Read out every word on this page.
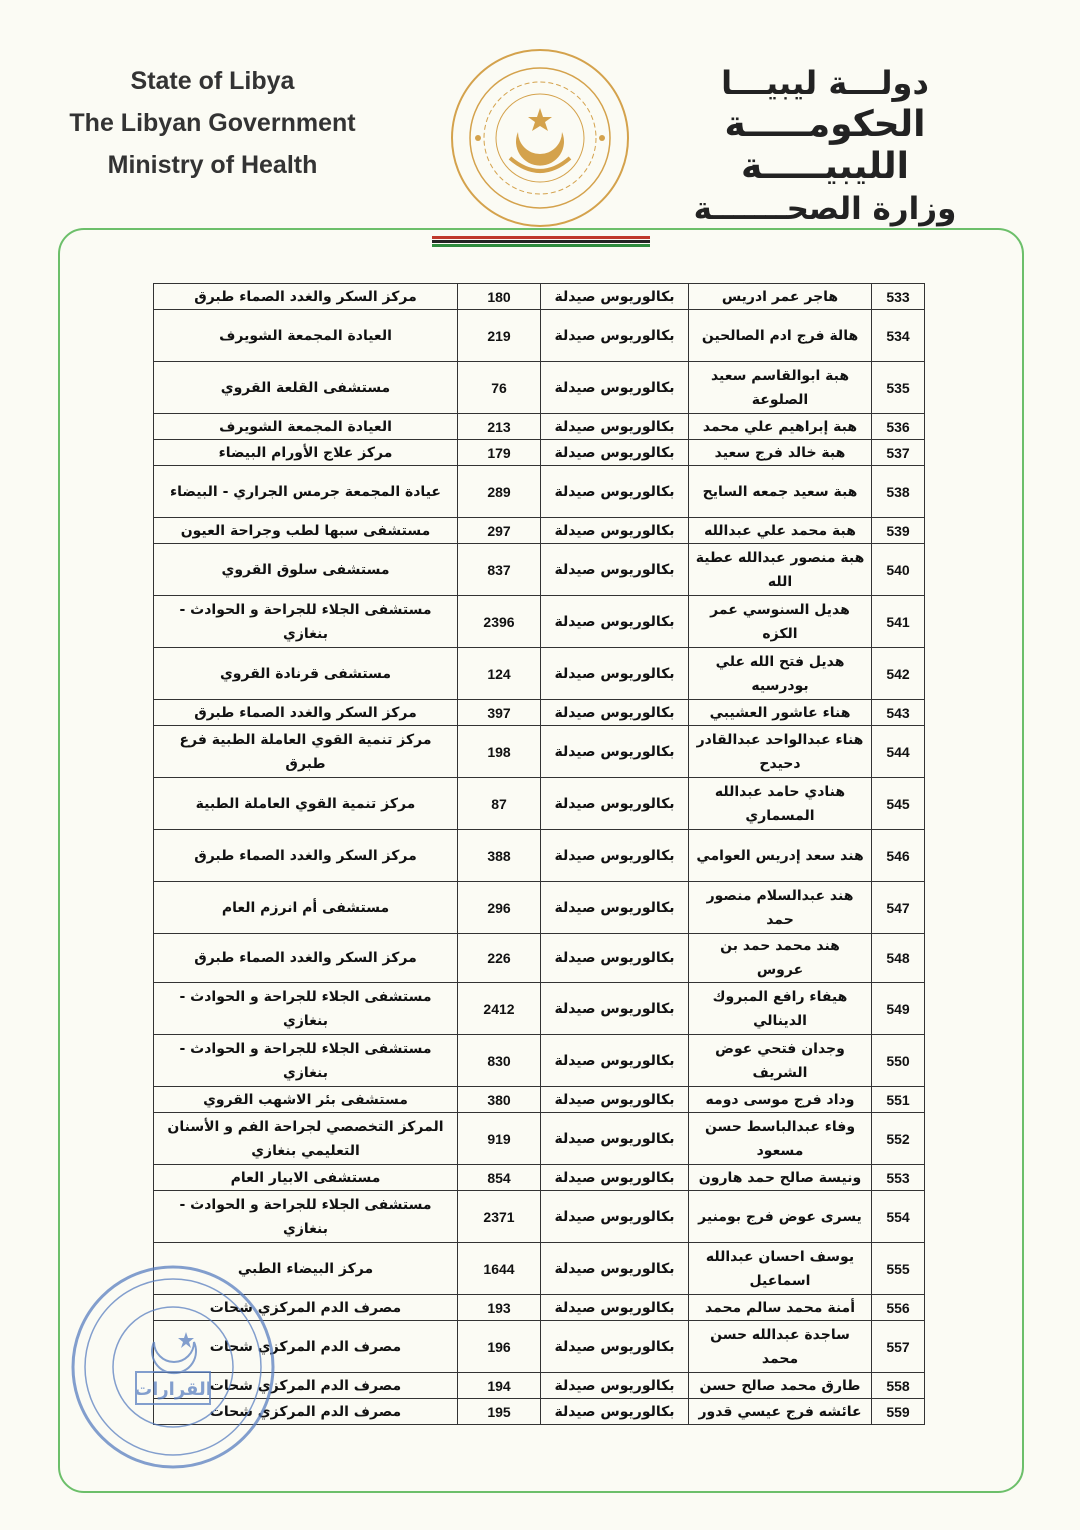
State of Libya
The Libyan Government
Ministry of Health
دولـــة ليبيـــا
الحكومـــــة الليبيـــــة
وزارة الصحـــــــة
533	هاجر عمر ادريس	بكالوريوس صيدلة	180	مركز السكر والغدد الصماء طبرق
534	هالة فرج ادم الصالحين	بكالوريوس صيدلة	219	العيادة المجمعة الشويرف
535	هبة ابوالقاسم سعيد الصلوعة	بكالوريوس صيدلة	76	مستشفى القلعة القروي
536	هبة إبراهيم علي محمد	بكالوريوس صيدلة	213	العيادة المجمعة الشويرف
537	هبة خالد فرج سعيد	بكالوريوس صيدلة	179	مركز علاج الأورام البيضاء
538	هبة سعيد جمعه السايح	بكالوريوس صيدلة	289	عيادة المجمعة جرمس الجراري - البيضاء
539	هبة محمد علي عبدالله	بكالوريوس صيدلة	297	مستشفى سبها لطب وجراحة العيون
540	هبة منصور عبدالله عطية الله	بكالوريوس صيدلة	837	مستشفى سلوق القروي
541	هديل السنوسي عمر الكزه	بكالوريوس صيدلة	2396	مستشفى الجلاء للجراحة و الحوادث - بنغازي
542	هديل فتح الله علي بودرسيه	بكالوريوس صيدلة	124	مستشفى قرنادة القروي
543	هناء عاشور العشيبي	بكالوريوس صيدلة	397	مركز السكر والغدد الصماء طبرق
544	هناء عبدالواحد عبدالقادر دحيدح	بكالوريوس صيدلة	198	مركز تنمية القوي العاملة الطبية فرع طبرق
545	هنادي حامد عبدالله المسماري	بكالوريوس صيدلة	87	مركز تنمية القوي العاملة الطبية
546	هند سعد إدريس العوامي	بكالوريوس صيدلة	388	مركز السكر والغدد الصماء طبرق
547	هند عبدالسلام منصور حمد	بكالوريوس صيدلة	296	مستشفى أم انرزم العام
548	هند محمد حمد بن عروس	بكالوريوس صيدلة	226	مركز السكر والغدد الصماء طبرق
549	هيفاء رافع المبروك الدينالي	بكالوريوس صيدلة	2412	مستشفى الجلاء للجراحة و الحوادث - بنغازي
550	وجدان فتحي عوض الشريف	بكالوريوس صيدلة	830	مستشفى الجلاء للجراحة و الحوادث - بنغازي
551	وداد فرج موسى دومه	بكالوريوس صيدلة	380	مستشفى بئر الاشهب القروي
552	وفاء عبدالباسط حسن مسعود	بكالوريوس صيدلة	919	المركز التخصصي لجراحة الفم و الأسنان التعليمي بنغازي
553	ونيسة صالح حمد هارون	بكالوريوس صيدلة	854	مستشفى الابيار العام
554	يسرى عوض فرج بومنير	بكالوريوس صيدلة	2371	مستشفى الجلاء للجراحة و الحوادث - بنغازي
555	يوسف احسان عبدالله اسماعيل	بكالوريوس صيدلة	1644	مركز البيضاء الطبي
556	أمنة محمد سالم محمد	بكالوريوس صيدلة	193	مصرف الدم المركزي شحات
557	ساجدة عبدالله حسن محمد	بكالوريوس صيدلة	196	مصرف الدم المركزي شحات
558	طارق محمد صالح حسن	بكالوريوس صيدلة	194	مصرف الدم المركزي شحات
559	عائشه فرج عيسي قدور	بكالوريوس صيدلة	195	مصرف الدم المركزي شحات
القرارات
